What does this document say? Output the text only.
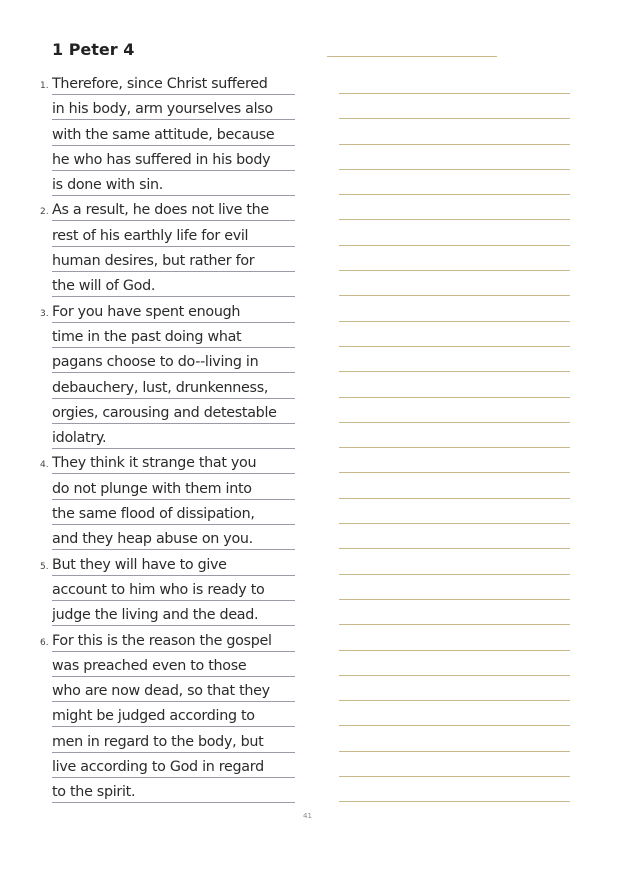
1 Peter 4
1. Therefore, since Christ suffered
in his body, arm yourselves also
with the same attitude, because
he who has suffered in his body
is done with sin.
2. As a result, he does not live the
rest of his earthly life for evil
human desires, but rather for
the will of God.
3. For you have spent enough
time in the past doing what
pagans choose to do--living in
debauchery, lust, drunkenness,
orgies, carousing and detestable
idolatry.
4. They think it strange that you
do not plunge with them into
the same flood of dissipation,
and they heap abuse on you.
5. But they will have to give
account to him who is ready to
judge the living and the dead.
6. For this is the reason the gospel
was preached even to those
who are now dead, so that they
might be judged according to
men in regard to the body, but
live according to God in regard
to the spirit.
41
